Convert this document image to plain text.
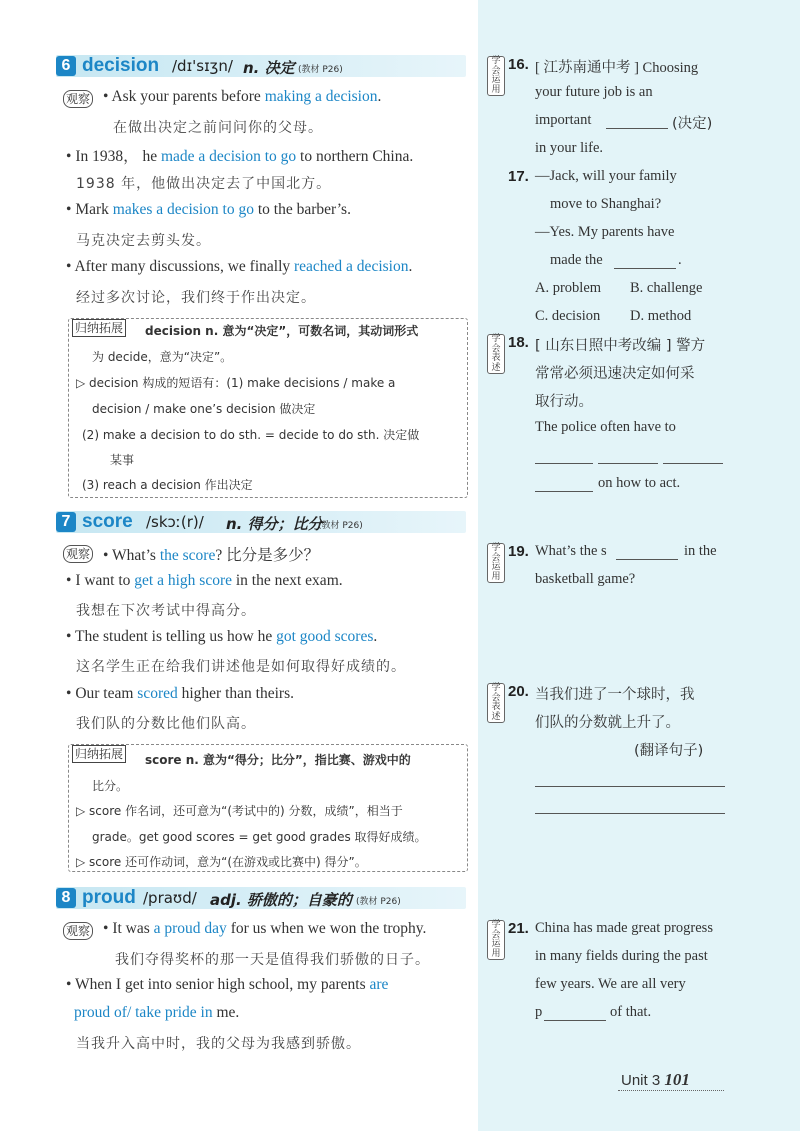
6 decision /dɪ'sɪʒn/ n. 决定 (教材 P26)
观察 • Ask your parents before making a decision.
在做出决定之前问问你的父母。
• In 1938， he made a decision to go to northern China.
1938 年，他做出决定去了中国北方。
• Mark makes a decision to go to the barber’s.
马克决定去剪头发。
• After many discussions, we finally reached a decision.
经过多次讨论，我们终于作出决定。
归纳拓展 decision n. 意为“决定”，可数名词，其动词形式
为 decide，意为“决定”。
▷ decision 构成的短语有：(1) make decisions / make a
decision / make one’s decision 做决定
(2) make a decision to do sth. = decide to do sth. 决定做
某事
(3) reach a decision 作出决定
7 score /skɔː(r)/ n. 得分；比分
(教材 P26)
观察 • What’s the score? 比分是多少？
• I want to get a high score in the next exam.
我想在下次考试中得高分。
• The student is telling us how he got good scores.
这名学生正在给我们讲述他是如何取得好成绩的。
• Our team scored higher than theirs.
我们队的分数比他们队高。
归纳拓展 score n. 意为“得分；比分”，指比赛、游戏中的
比分。
▷ score 作名词，还可意为“(考试中的) 分数，成绩”，相当于
grade。get good scores = get good grades 取得好成绩。
▷ score 还可作动词，意为“(在游戏或比赛中) 得分”。
8 proud /praʊd/ adj. 骄傲的；自豪的 (教材 P26)
观察 • It was a proud day for us when we won the trophy.
我们夺得奖杯的那一天是值得我们骄傲的日子。
• When I get into senior high school, my parents are
proud of/ take pride in me.
当我升入高中时，我的父母为我感到骄傲。
学会运用
16. [ 江苏南通中考 ] Choosing
your future job is an
important	(决定)
in your life.
17. —Jack, will your family
move to Shanghai?
—Yes. My parents have
made the	.
A. problem B. challenge
C. decision D. method
学会表述
18. [ 山东日照中考改编 ] 警方
常常必须迅速决定如何采
取行动。
The police often have to
on how to act.
学会运用
19. What’s the s	in the
basketball game?
学会表述
20. 当我们进了一个球时，我
们队的分数就上升了。
(翻译句子)
学会运用
21. China has made great progress
in many fields during the past
few years. We are all very
p	of that.
Unit 3 101
